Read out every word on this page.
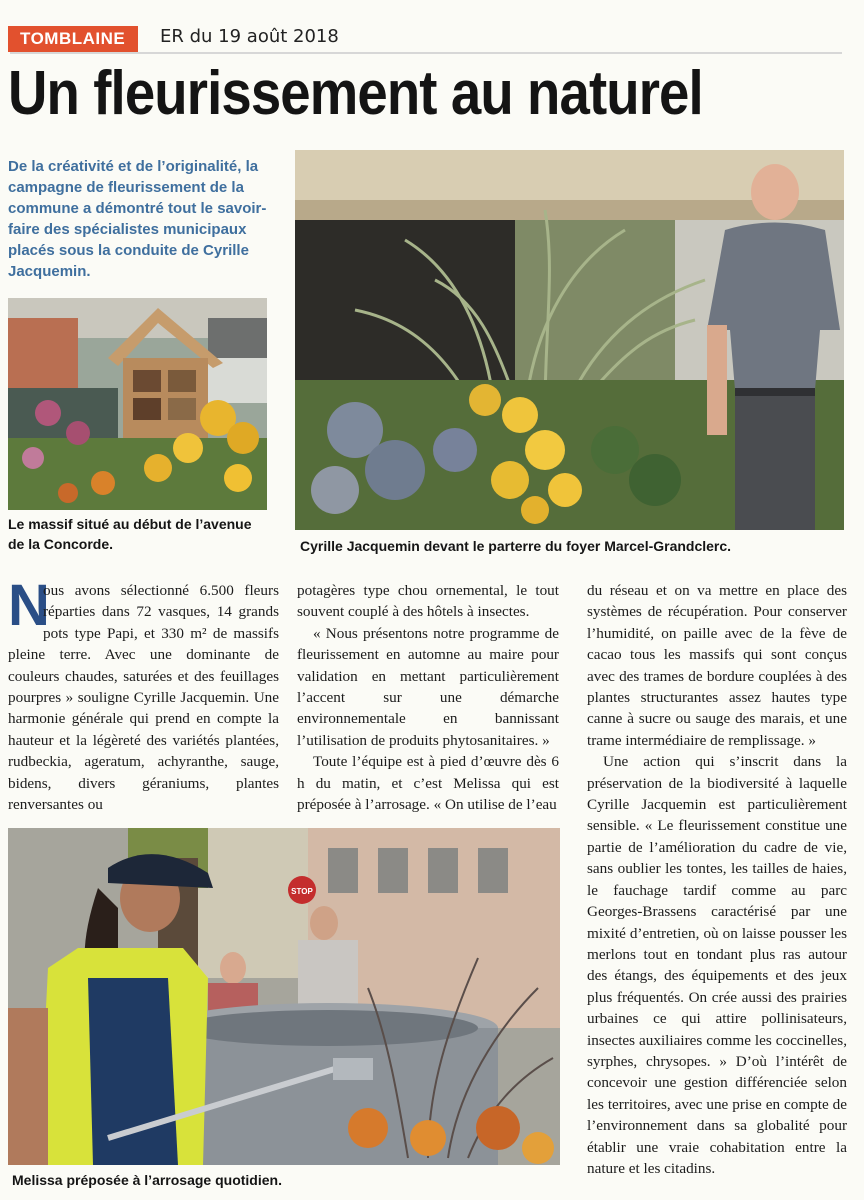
TOMBLAINE	ER du 19 août 2018
Un fleurissement au naturel
De la créativité et de l’originalité, la campagne de fleurissement de la commune a démontré tout le savoir-faire des spécialistes municipaux placés sous la conduite de Cyrille Jacquemin.
Le massif situé au début de l’avenue de la Concorde.	Cyrille Jacquemin devant le parterre du foyer Marcel-Grandclerc.

N
ous avons sélectionné 6.500 fleurs réparties dans 72 vasques, 14 grands pots type Papi, et 330 m² de massifs pleine terre. Avec une dominante de couleurs chaudes, saturées et des feuillages pourpres » souligne Cyrille Jacquemin. Une harmonie générale qui prend en compte la hauteur et la légèreté des variétés plantées, rudbeckia, ageratum, achyranthe, sauge, bidens, divers géraniums, plantes renversantes ou

potagères type chou ornemental, le tout souvent couplé à des hôtels à insectes.

« Nous présentons notre programme de fleurissement en automne au maire pour validation en mettant particulièrement l’accent sur une démarche environnementale en bannissant l’utilisation de produits phytosanitaires. »

Toute l’équipe est à pied d’œuvre dès 6 h du matin, et c’est Melissa qui est préposée à l’arrosage. « On utilise de l’eau

du réseau et on va mettre en place des systèmes de récupération. Pour conserver l’humidité, on paille avec de la fève de cacao tous les massifs qui sont conçus avec des trames de bordure couplées à des plantes structurantes assez hautes type canne à sucre ou sauge des marais, et une trame intermédiaire de remplissage. »

Une action qui s’inscrit dans la préservation de la biodiversité à laquelle Cyrille Jacquemin est particulièrement sensible. « Le fleurissement constitue une partie de l’amélioration du cadre de vie, sans oublier les tontes, les tailles de haies, le fauchage tardif comme au parc Georges-Brassens caractérisé par une mixité d’entretien, où on laisse pousser les merlons tout en tondant plus ras autour des étangs, des équipements et des jeux plus fréquentés. On crée aussi des prairies urbaines ce qui attire pollinisateurs, insectes auxiliaires comme les coccinelles, syrphes, chrysopes. » D’où l’intérêt de concevoir une gestion différenciée selon les territoires, avec une prise en compte de l’environnement dans sa globalité pour établir une vraie cohabitation entre la nature et les citadins.

STOP
Melissa préposée à l’arrosage quotidien.
